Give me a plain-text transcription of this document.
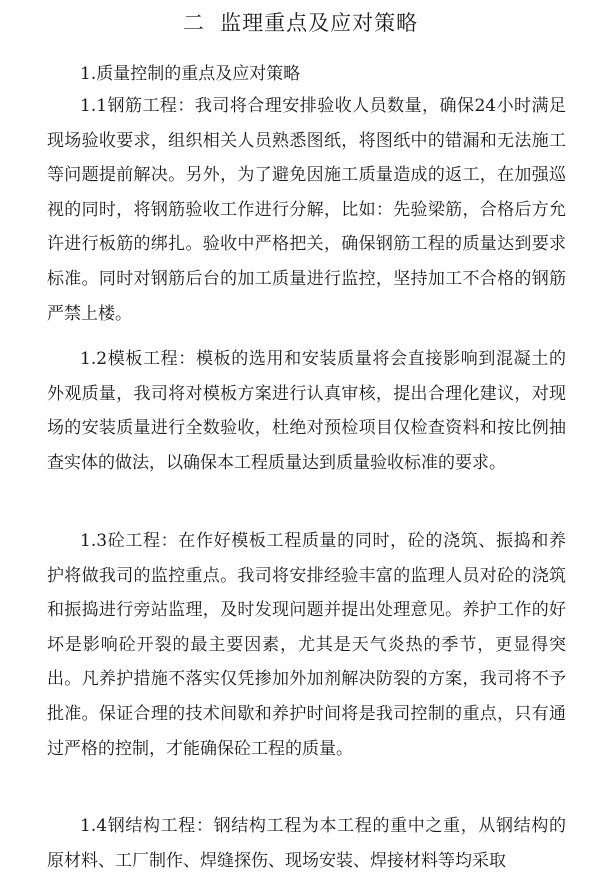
二  监理重点及应对策略
1.质量控制的重点及应对策略

1.1钢筋工程：我司将合理安排验收人员数量，确保24小时满足现场验收要求，组织相关人员熟悉图纸，将图纸中的错漏和无法施工等问题提前解决。另外，为了避免因施工质量造成的返工，在加强巡视的同时，将钢筋验收工作进行分解，比如：先验梁筋，合格后方允许进行板筋的绑扎。验收中严格把关，确保钢筋工程的质量达到要求标准。同时对钢筋后台的加工质量进行监控，坚持加工不合格的钢筋严禁上楼。

1.2模板工程：模板的选用和安装质量将会直接影响到混凝土的外观质量，我司将对模板方案进行认真审核，提出合理化建议，对现场的安装质量进行全数验收，杜绝对预检项目仅检查资料和按比例抽查实体的做法，以确保本工程质量达到质量验收标准的要求。

1.3砼工程：在作好模板工程质量的同时，砼的浇筑、振捣和养护将做我司的监控重点。我司将安排经验丰富的监理人员对砼的浇筑和振捣进行旁站监理，及时发现问题并提出处理意见。养护工作的好坏是影响砼开裂的最主要因素，尤其是天气炎热的季节，更显得突出。凡养护措施不落实仅凭掺加外加剂解决防裂的方案，我司将不予批准。保证合理的技术间歇和养护时间将是我司控制的重点，只有通过严格的控制，才能确保砼工程的质量。

1.4钢结构工程：钢结构工程为本工程的重中之重，从钢结构的原材料、工厂制作、焊缝探伤、现场安装、焊接材料等均采取
